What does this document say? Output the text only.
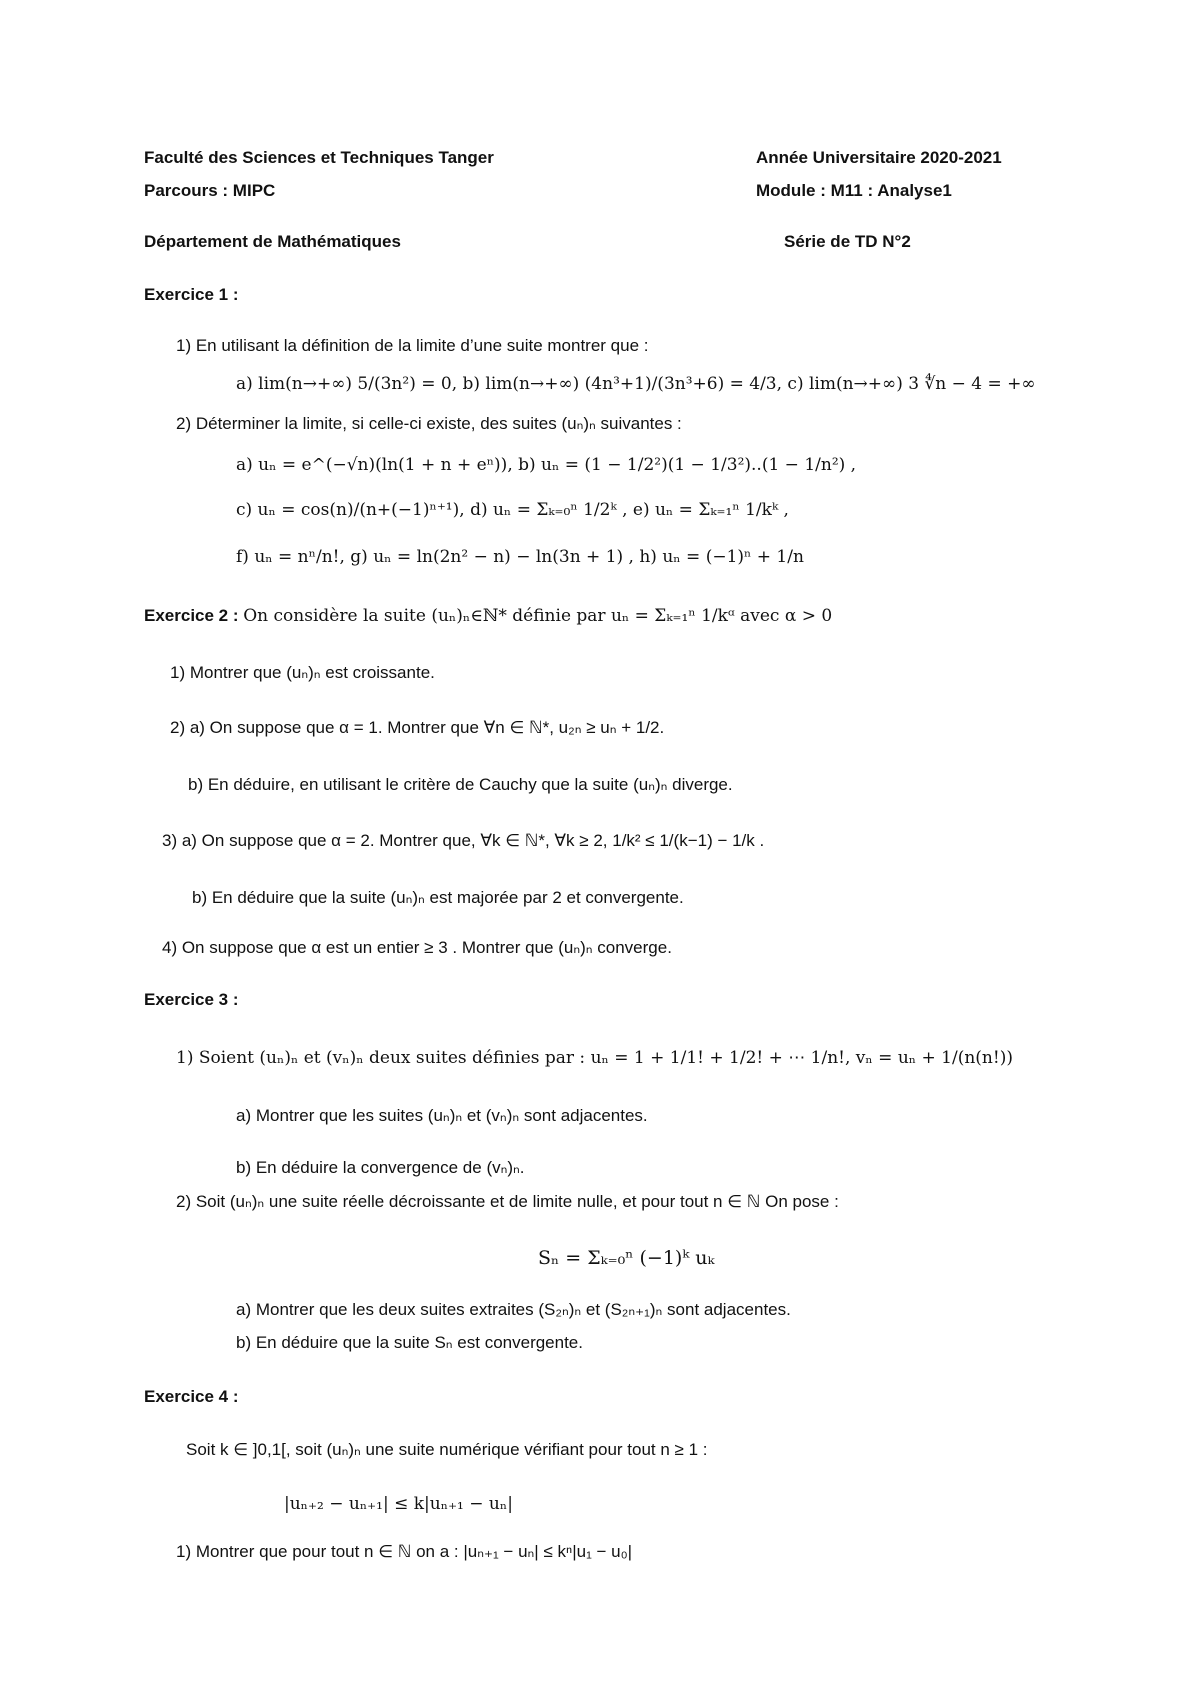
Faculté des Sciences et Techniques Tanger	Année Universitaire 2020-2021
Parcours : MIPC	Module : M11 : Analyse1
Département de Mathématiques	Série de TD N°2
Exercice 1 :
1) En utilisant la définition de la limite d’une suite montrer que :
a) lim(n→+∞) 5/(3n²) = 0, b) lim(n→+∞) (4n³+1)/(3n³+6) = 4/3, c) lim(n→+∞) 3 ∜n − 4 = +∞
2) Déterminer la limite, si celle-ci existe, des suites (uₙ)ₙ suivantes :
a) uₙ = e^(−√n)(ln(1 + n + eⁿ)), b) uₙ = (1 − 1/2²)(1 − 1/3²)..(1 − 1/n²) ,
c) uₙ = cos(n)/(n+(−1)ⁿ⁺¹), d) uₙ = Σₖ₌₀ⁿ 1/2ᵏ , e) uₙ = Σₖ₌₁ⁿ 1/kᵏ ,
f) uₙ = nⁿ/n!, g) uₙ = ln(2n² − n) − ln(3n + 1) , h) uₙ = (−1)ⁿ + 1/n
Exercice 2 : On considère la suite (uₙ)ₙ∈ℕ* définie par uₙ = Σₖ₌₁ⁿ 1/kᵅ avec α > 0
1) Montrer que (uₙ)ₙ est croissante.
2) a) On suppose que α = 1. Montrer que ∀n ∈ ℕ*, u₂ₙ ≥ uₙ + 1/2.
b) En déduire, en utilisant le critère de Cauchy que la suite (uₙ)ₙ diverge.
3) a) On suppose que α = 2. Montrer que, ∀k ∈ ℕ*, ∀k ≥ 2, 1/k² ≤ 1/(k−1) − 1/k .
b) En déduire que la suite (uₙ)ₙ est majorée par 2 et convergente.
4) On suppose que α est un entier ≥ 3 . Montrer que (uₙ)ₙ converge.
Exercice 3 :
1) Soient (uₙ)ₙ et (vₙ)ₙ deux suites définies par : uₙ = 1 + 1/1! + 1/2! + ⋯ 1/n!, vₙ = uₙ + 1/(n(n!))
a) Montrer que les suites (uₙ)ₙ et (vₙ)ₙ sont adjacentes.
b) En déduire la convergence de (vₙ)ₙ.
2) Soit (uₙ)ₙ une suite réelle décroissante et de limite nulle, et pour tout n ∈ ℕ On pose :
Sₙ = Σₖ₌₀ⁿ (−1)ᵏ uₖ
a) Montrer que les deux suites extraites (S₂ₙ)ₙ et (S₂ₙ₊₁)ₙ sont adjacentes.
b) En déduire que la suite Sₙ est convergente.
Exercice 4 :
Soit k ∈ ]0,1[, soit (uₙ)ₙ une suite numérique vérifiant pour tout n ≥ 1 :
|uₙ₊₂ − uₙ₊₁| ≤ k|uₙ₊₁ − uₙ|
1) Montrer que pour tout n ∈ ℕ on a : |uₙ₊₁ − uₙ| ≤ kⁿ|u₁ − u₀|
